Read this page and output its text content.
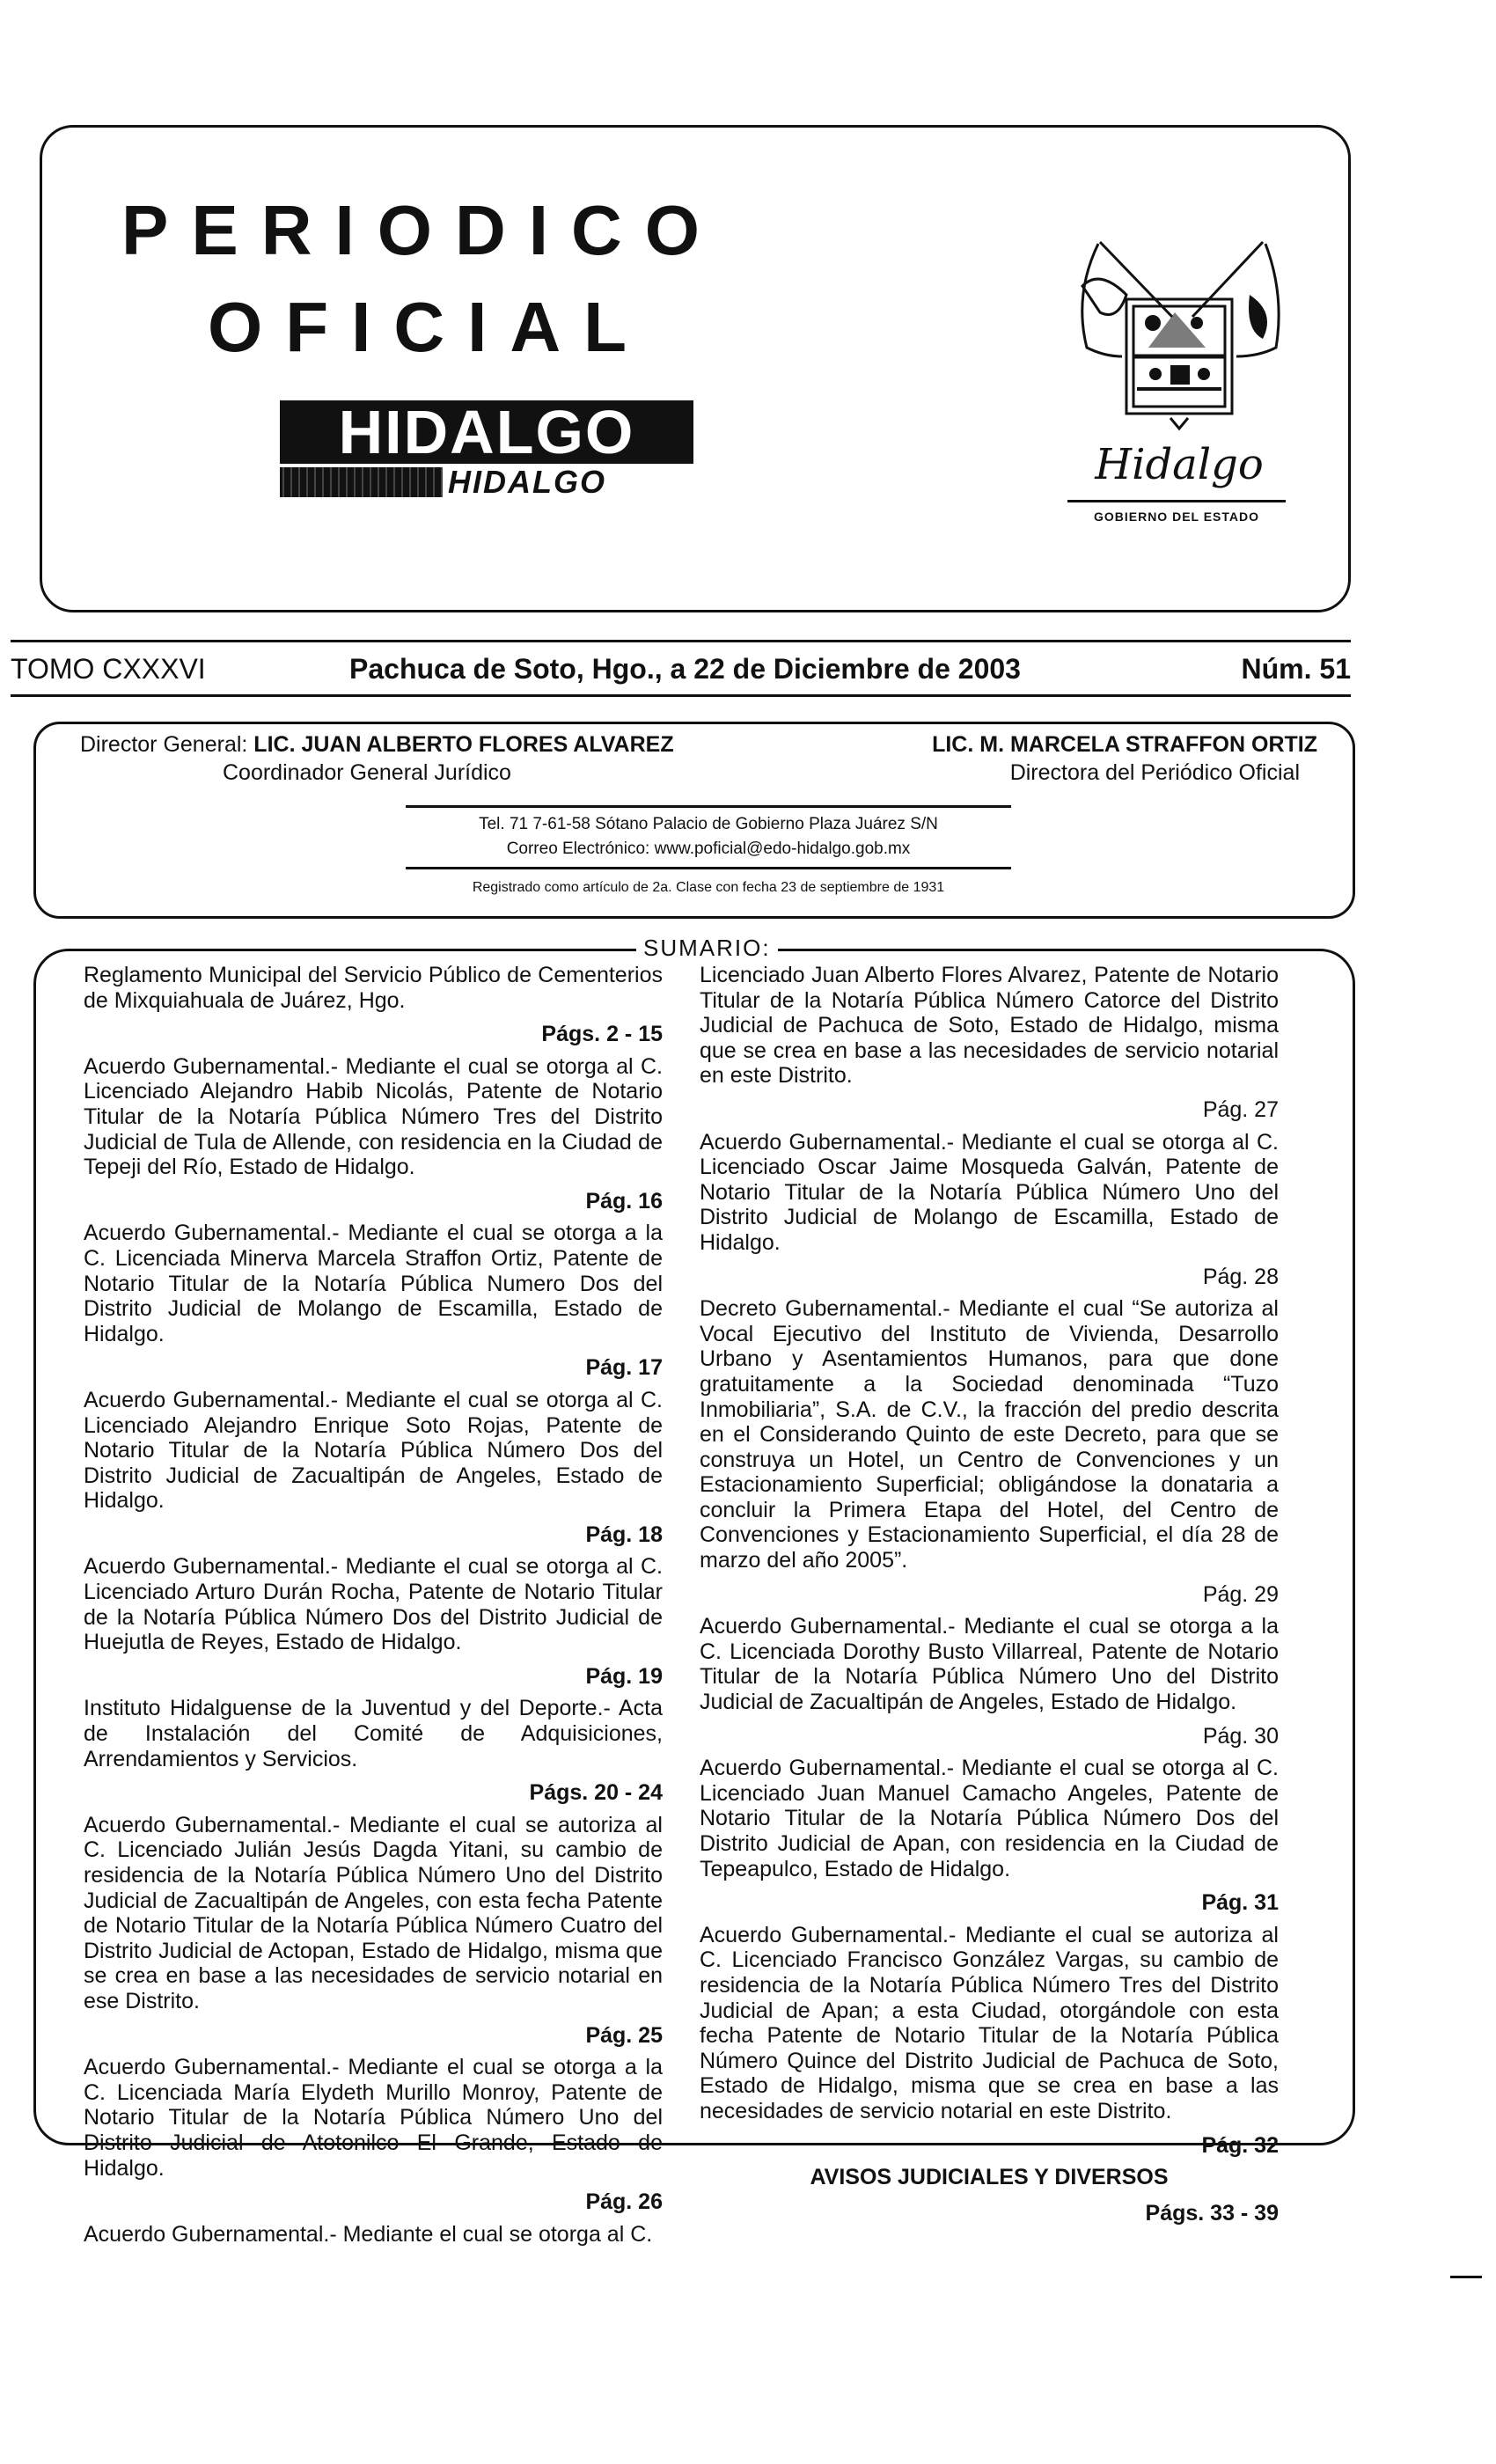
PERIODICO
OFICIAL
HIDALGO
HIDALGO	Hidalgo
GOBIERNO DEL ESTADO
TOMO CXXXVI	Pachuca de Soto, Hgo., a 22 de Diciembre de 2003	Núm. 51
Director General: LIC. JUAN ALBERTO FLORES ALVAREZ
Coordinador General Jurídico
LIC. M. MARCELA STRAFFON ORTIZ
Directora del Periódico Oficial
Tel. 71 7-61-58 Sótano Palacio de Gobierno Plaza Juárez S/N
Correo Electrónico: www.poficial@edo-hidalgo.gob.mx
Registrado como artículo de 2a. Clase con fecha 23 de septiembre de 1931
SUMARIO:

Reglamento Municipal del Servicio Público de Cementerios de Mixquiahuala de Juárez, Hgo.

Págs. 2 - 15

Acuerdo Gubernamental.- Mediante el cual se otorga al C. Licenciado Alejandro Habib Nicolás, Patente de Notario Titular de la Notaría Pública Número Tres del Distrito Judicial de Tula de Allende, con residencia en la Ciudad de Tepeji del Río, Estado de Hidalgo.

Pág. 16

Acuerdo Gubernamental.- Mediante el cual se otorga a la C. Licenciada Minerva Marcela Straffon Ortiz, Patente de Notario Titular de la Notaría Pública Numero Dos del Distrito Judicial de Molango de Escamilla, Estado de Hidalgo.

Pág. 17

Acuerdo Gubernamental.- Mediante el cual se otorga al C. Licenciado Alejandro Enrique Soto Rojas, Patente de Notario Titular de la Notaría Pública Número Dos del Distrito Judicial de Zacualtipán de Angeles, Estado de Hidalgo.

Pág. 18

Acuerdo Gubernamental.- Mediante el cual se otorga al C. Licenciado Arturo Durán Rocha, Patente de Notario Titular de la Notaría Pública Número Dos del Distrito Judicial de Huejutla de Reyes, Estado de Hidalgo.

Pág. 19

Instituto Hidalguense de la Juventud y del Deporte.- Acta de Instalación del Comité de Adquisiciones, Arrendamientos y Servicios.

Págs. 20 - 24

Acuerdo Gubernamental.- Mediante el cual se autoriza al C. Licenciado Julián Jesús Dagda Yitani, su cambio de residencia de la Notaría Pública Número Uno del Distrito Judicial de Zacualtipán de Angeles, con esta fecha Patente de Notario Titular de la Notaría Pública Número Cuatro del Distrito Judicial de Actopan, Estado de Hidalgo, misma que se crea en base a las necesidades de servicio notarial en ese Distrito.

Pág. 25

Acuerdo Gubernamental.- Mediante el cual se otorga a la C. Licenciada María Elydeth Murillo Monroy, Patente de Notario Titular de la Notaría Pública Número Uno del Distrito Judicial de Atotonilco El Grande, Estado de Hidalgo.

Pág. 26

Acuerdo Gubernamental.- Mediante el cual se otorga al C.

Licenciado Juan Alberto Flores Alvarez, Patente de Notario Titular de la Notaría Pública Número Catorce del Distrito Judicial de Pachuca de Soto, Estado de Hidalgo, misma que se crea en base a las necesidades de servicio notarial en este Distrito.

Pág. 27

Acuerdo Gubernamental.- Mediante el cual se otorga al C. Licenciado Oscar Jaime Mosqueda Galván, Patente de Notario Titular de la Notaría Pública Número Uno del Distrito Judicial de Molango de Escamilla, Estado de Hidalgo.

Pág. 28

Decreto Gubernamental.- Mediante el cual “Se autoriza al Vocal Ejecutivo del Instituto de Vivienda, Desarrollo Urbano y Asentamientos Humanos, para que done gratuitamente a la Sociedad denominada “Tuzo Inmobiliaria”, S.A. de C.V., la fracción del predio descrita en el Considerando Quinto de este Decreto, para que se construya un Hotel, un Centro de Convenciones y un Estacionamiento Superficial; obligándose la donataria a concluir la Primera Etapa del Hotel, del Centro de Convenciones y Estacionamiento Superficial, el día 28 de marzo del año 2005”.

Pág. 29

Acuerdo Gubernamental.- Mediante el cual se otorga a la C. Licenciada Dorothy Busto Villarreal, Patente de Notario Titular de la Notaría Pública Número Uno del Distrito Judicial de Zacualtipán de Angeles, Estado de Hidalgo.

Pág. 30

Acuerdo Gubernamental.- Mediante el cual se otorga al C. Licenciado Juan Manuel Camacho Angeles, Patente de Notario Titular de la Notaría Pública Número Dos del Distrito Judicial de Apan, con residencia en la Ciudad de Tepeapulco, Estado de Hidalgo.

Pág. 31

Acuerdo Gubernamental.- Mediante el cual se autoriza al C. Licenciado Francisco González Vargas, su cambio de residencia de la Notaría Pública Número Tres del Distrito Judicial de Apan; a esta Ciudad, otorgándole con esta fecha Patente de Notario Titular de la Notaría Pública Número Quince del Distrito Judicial de Pachuca de Soto, Estado de Hidalgo, misma que se crea en base a las necesidades de servicio notarial en este Distrito.

Pág. 32
AVISOS JUDICIALES Y DIVERSOS
Págs. 33 - 39
